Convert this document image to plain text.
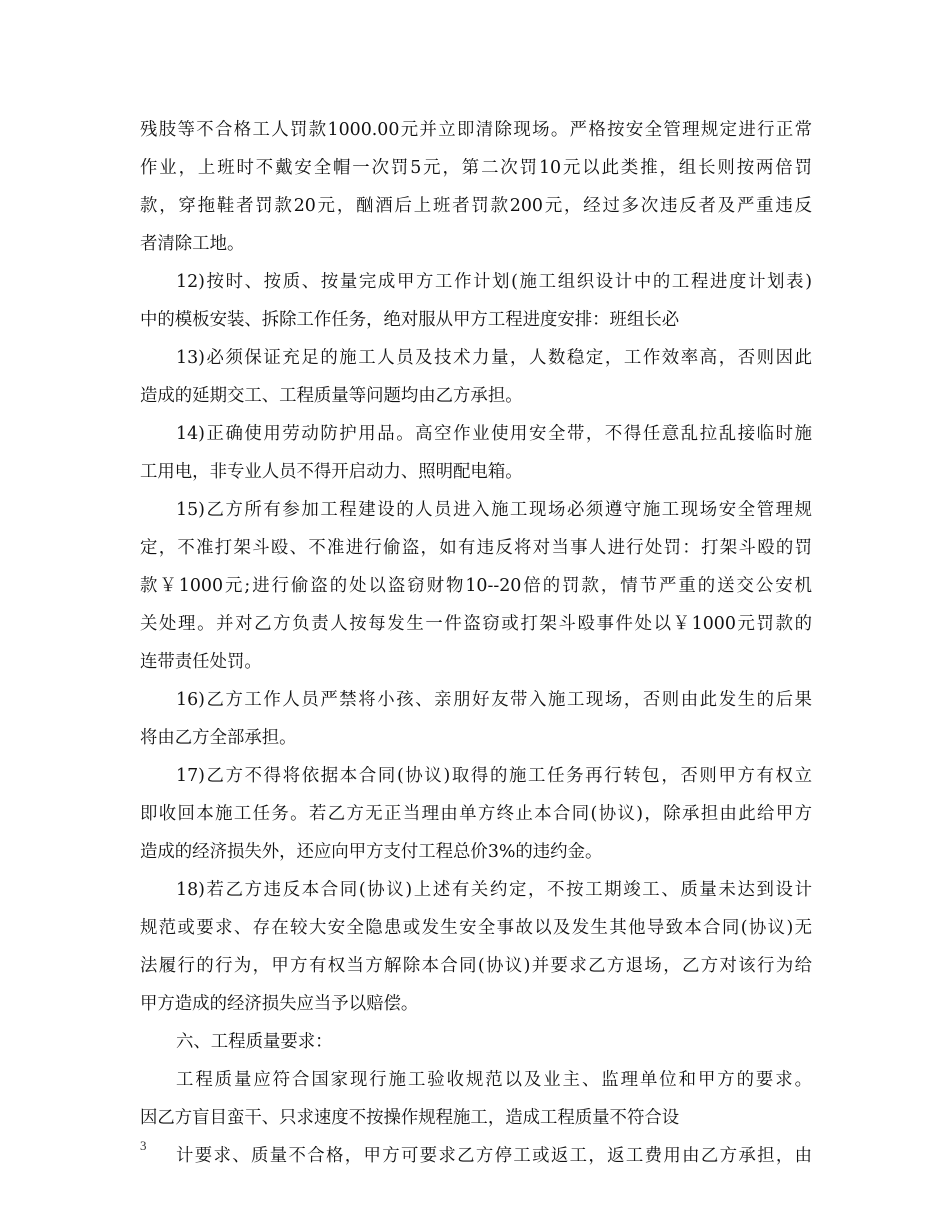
残肢等不合格工人罚款1000.00元并立即清除现场。严格按安全管理规定进行正常
作业，上班时不戴安全帽一次罚5元，第二次罚10元以此类推，组长则按两倍罚
款，穿拖鞋者罚款20元，酗酒后上班者罚款200元，经过多次违反者及严重违反
者清除工地。
12)按时、按质、按量完成甲方工作计划(施工组织设计中的工程进度计划表)
中的模板安装、拆除工作任务，绝对服从甲方工程进度安排：班组长必
13)必须保证充足的施工人员及技术力量，人数稳定，工作效率高，否则因此
造成的延期交工、工程质量等问题均由乙方承担。
14)正确使用劳动防护用品。高空作业使用安全带，不得任意乱拉乱接临时施
工用电，非专业人员不得开启动力、照明配电箱。
15)乙方所有参加工程建设的人员进入施工现场必须遵守施工现场安全管理规
定，不准打架斗殴、不准进行偷盗，如有违反将对当事人进行处罚：打架斗殴的罚
款￥1000元;进行偷盗的处以盗窃财物10--20倍的罚款，情节严重的送交公安机
关处理。并对乙方负责人按每发生一件盗窃或打架斗殴事件处以￥1000元罚款的
连带责任处罚。
16)乙方工作人员严禁将小孩、亲朋好友带入施工现场，否则由此发生的后果
将由乙方全部承担。
17)乙方不得将依据本合同(协议)取得的施工任务再行转包，否则甲方有权立
即收回本施工任务。若乙方无正当理由单方终止本合同(协议)，除承担由此给甲方
造成的经济损失外，还应向甲方支付工程总价3%的违约金。
18)若乙方违反本合同(协议)上述有关约定，不按工期竣工、质量未达到设计
规范或要求、存在较大安全隐患或发生安全事故以及发生其他导致本合同(协议)无
法履行的行为，甲方有权当方解除本合同(协议)并要求乙方退场，乙方对该行为给
甲方造成的经济损失应当予以赔偿。
六、工程质量要求：
工程质量应符合国家现行施工验收规范以及业主、监理单位和甲方的要求。
因乙方盲目蛮干、只求速度不按操作规程施工，造成工程质量不符合设
计要求、质量不合格，甲方可要求乙方停工或返工，返工费用由乙方承担，由
3
